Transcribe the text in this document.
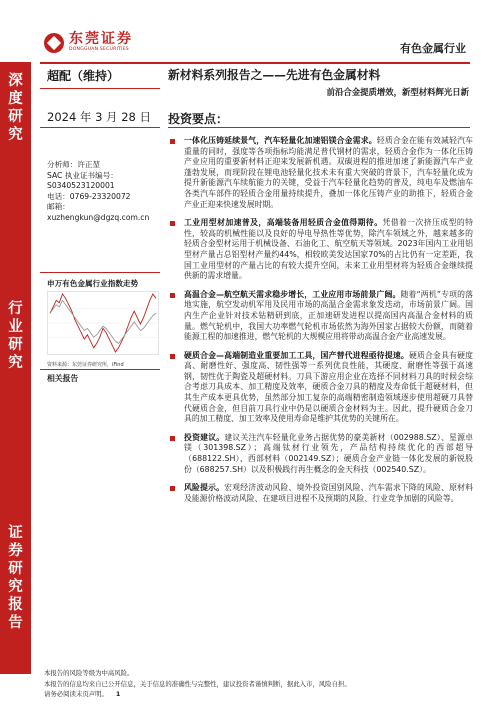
东莞证券
DONGGUAN SECURITIES	有色金属行业
深
度
研
究
行
业
研
究
证
券
研
究
报
告
超配（维持）
2024 年 3 月 28 日
分析师：许正堃
SAC 执业证书编号：
S0340523120001
电话：0769-23320072
邮箱：
xuzhengkun@dgzq.com.cn
申万有色金属行业指数走势
资料来源：东莞证券研究所，iFind
相关报告
新材料系列报告之——先进有色金属材料
前沿合金提质增效，新型材料辉光日新
投资要点：
一体化压铸延续景气，汽车轻量化加速铝镁合金需求。轻质合金在能有效减轻汽车重量的同时，强度等各项指标均能满足普代钢材的需求，轻质合金作为一体化压铸产业应用的重要新材料正迎来发展新机遇。双碳进程的推进加速了新能源汽车产业蓬勃发展，而现阶段在锂电池轻量化技术未有重大突破的背景下，汽车轻量化成为提升新能源汽车续航能力的关键，受益于汽车轻量化趋势的普及，纯电车及燃油车各类汽车部件的轻质合金用量持续提升，叠加一体化压铸产业的助推下，轻质合金产业正迎来快速发展时期。
工业用型材加速普及，高端装备用轻质合金值得期待。凭借着一次挤压成型的特性，较高的机械性能以及良好的导电导热性等优势，除汽车领域之外，越来越多的轻质合金型材运用于机械设备、石油化工、航空航天等领域。2023年国内工业用铝型材产量占总铝型材产量约44%，相较欧美发达国家70%的占比仍有一定差距，我国工业用型材的产量占比的有较大提升空间，未来工业用型材将为轻质合金继续提供新的需求增量。
高温合金—航空航天需求稳步增长，工业应用市场前景广阔。随着“两机”专项的落地实施，航空发动机军用及民用市场的高温合金需求象发迭动，市场前景广阔。国内生产企业针对技术钻精研到底，正加速研发进程以提高国内高温合金材料的质量。燃气轮机中，我国大功率燃气轮机市场依然为海外国家占据较大份额，而随着能源工程的加速推进，燃气轮机的大规模应用将带动高温合金产业高速发展。
硬质合金—高端制造业重要加工工具，国产替代进程亟待提速。硬质合金具有硬度高、耐磨性好、强度高、韧性强等一系列优良性能，其硬度、耐磨性等强于高速钢，韧性优于陶瓷及超硬材料。刀具下游应用企业在选择不同材料刀具的时候会综合考虑刀具成本、加工精度及效率，硬质合金刀具的精度及寿命低于超硬材料，但其生产成本更具优势，虽然部分加工复杂的高端精密制造领域逐步使用超硬刀具替代硬质合金，但目前刀具行业中仍是以硬质合金材料为主。因此，提升硬质合金刀具的加工精度、加工效率及使用寿命是维护其优势的关键所在。
投资建议。建议关注汽车轻量化业务占据优势的豪美新材（002988.SZ）、星源卓镁（301398.SZ）；高端钛材行业领先，产品结构持续优化的西部超导（688122.SH）、西部材料（002149.SZ）；硬质合金产业链一体化发展的新锐股份（688257.SH）以及积极践行再生概念的金天科技（002540.SZ）。
风险提示。宏观经济波动风险、境外投资国别风险、汽车需求下降的风险、原材料及能源价格波动风险、在建项目进程不及预期的风险、行业竞争加剧的风险等。
本报告的风险等级为中高风险。
本报告的信息均来自已公开信息，关于信息的准确性与完整性，建议投资者谨慎判断，据此入市，风险自担。
请务必阅读末页声明。 1
